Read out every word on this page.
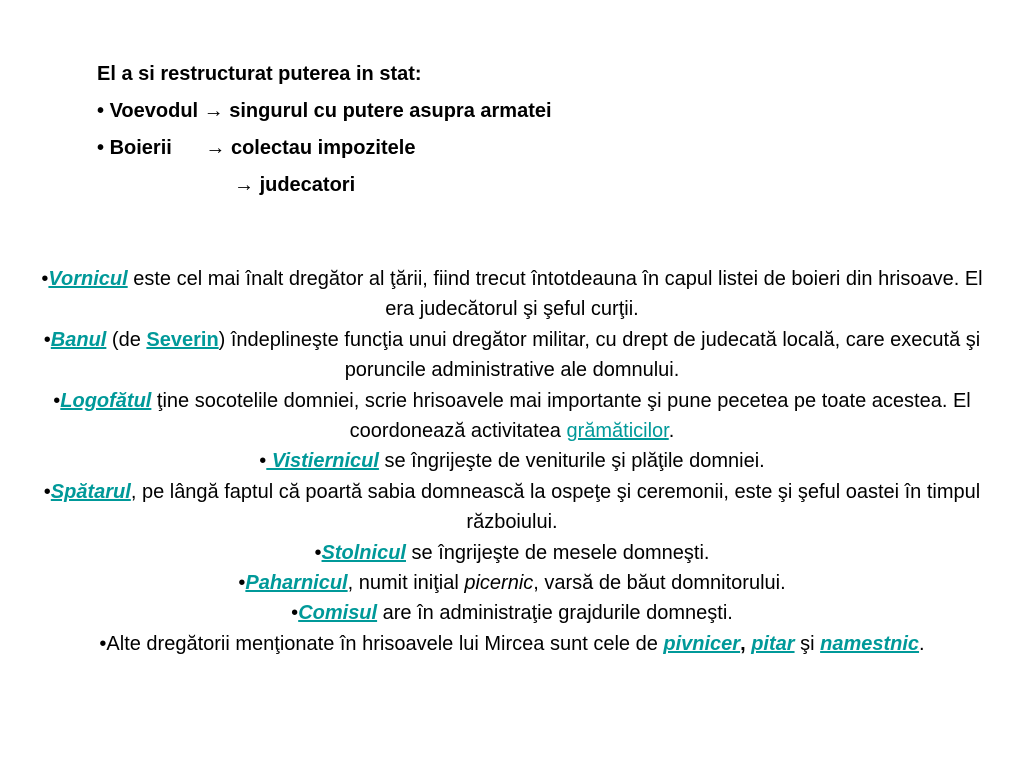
El a si restructurat puterea in stat:
• Voevodul → singurul cu putere asupra armatei
• Boierii → colectau impozitele
→ judecatori

•Vornicul este cel mai înalt dregător al ţării, fiind trecut întotdeauna în capul listei de boieri din hrisoave. El era judecătorul şi şeful curţii.

•Banul (de Severin) îndeplineşte funcţia unui dregător militar, cu drept de judecată locală, care execută şi poruncile administrative ale domnului.

•Logofătul ţine socotelile domniei, scrie hrisoavele mai importante şi pune pecetea pe toate acestea. El coordonează activitatea grămăticilor.

• Vistiernicul se îngrijeşte de veniturile şi plăţile domniei.

•Spătarul, pe lângă faptul că poartă sabia domnească la ospeţe şi ceremonii, este şi şeful oastei în timpul războiului.

•Stolnicul se îngrijeşte de mesele domneşti.

•Paharnicul, numit iniţial picernic, varsă de băut domnitorului.

•Comisul are în administraţie grajdurile domneşti.

•Alte dregătorii menţionate în hrisoavele lui Mircea sunt cele de pivnicer, pitar şi namestnic.
